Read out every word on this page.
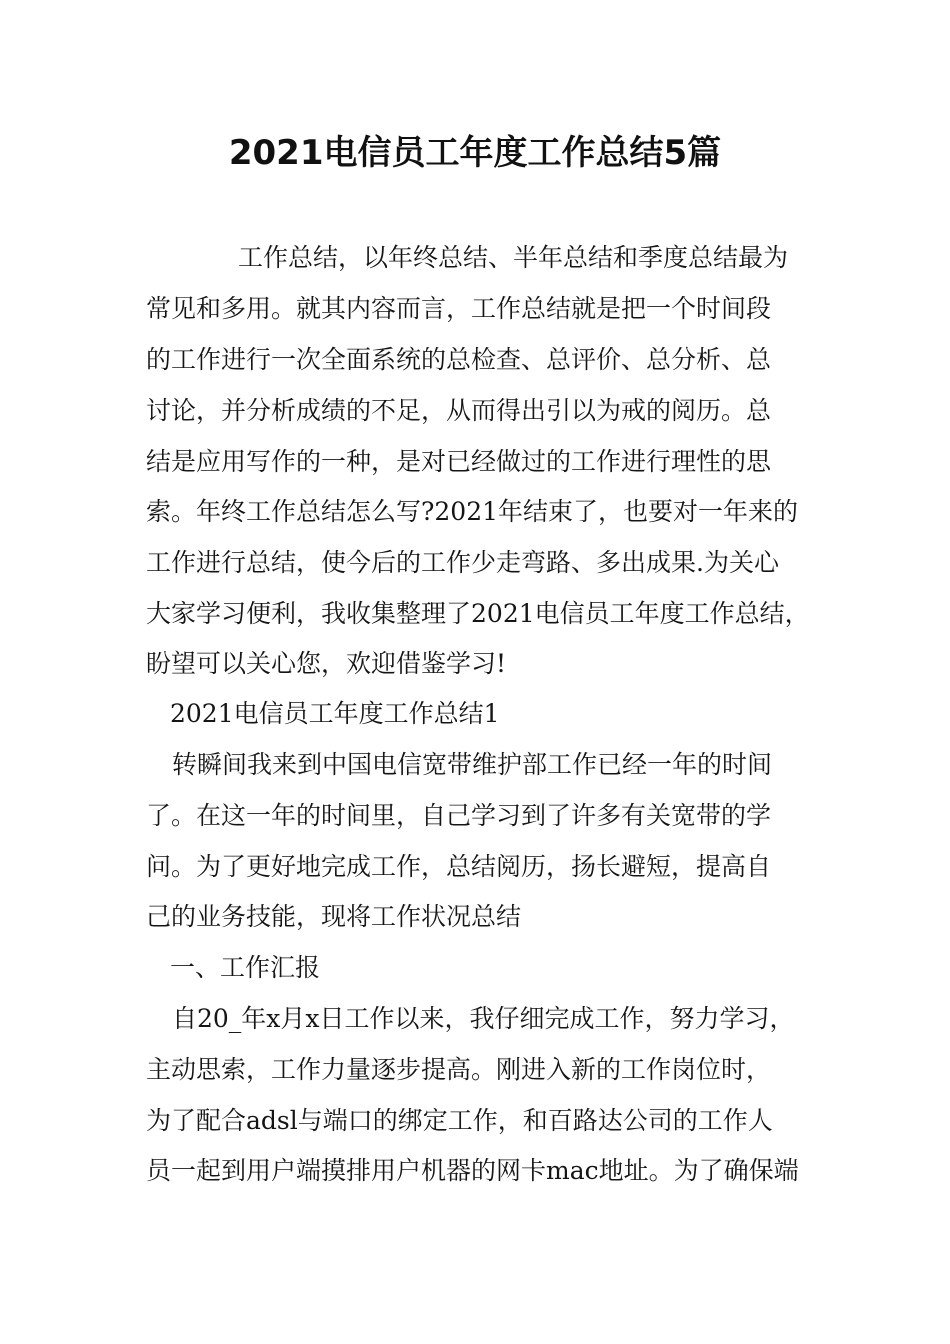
2021电信员工年度工作总结5篇
工作总结，以年终总结、半年总结和季度总结最为
常见和多用。就其内容而言，工作总结就是把一个时间段
的工作进行一次全面系统的总检查、总评价、总分析、总
讨论，并分析成绩的不足，从而得出引以为戒的阅历。总
结是应用写作的一种，是对已经做过的工作进行理性的思
索。年终工作总结怎么写?2021年结束了，也要对一年来的
工作进行总结，使今后的工作少走弯路、多出成果.为关心
大家学习便利，我收集整理了2021电信员工年度工作总结，
盼望可以关心您，欢迎借鉴学习!
2021电信员工年度工作总结1
转瞬间我来到中国电信宽带维护部工作已经一年的时间
了。在这一年的时间里，自己学习到了许多有关宽带的学
问。为了更好地完成工作，总结阅历，扬长避短，提高自
己的业务技能，现将工作状况总结
一、工作汇报
自20_年x月x日工作以来，我仔细完成工作，努力学习，
主动思索，工作力量逐步提高。刚进入新的工作岗位时，
为了配合adsl与端口的绑定工作，和百路达公司的工作人
员一起到用户端摸排用户机器的网卡mac地址。为了确保端
